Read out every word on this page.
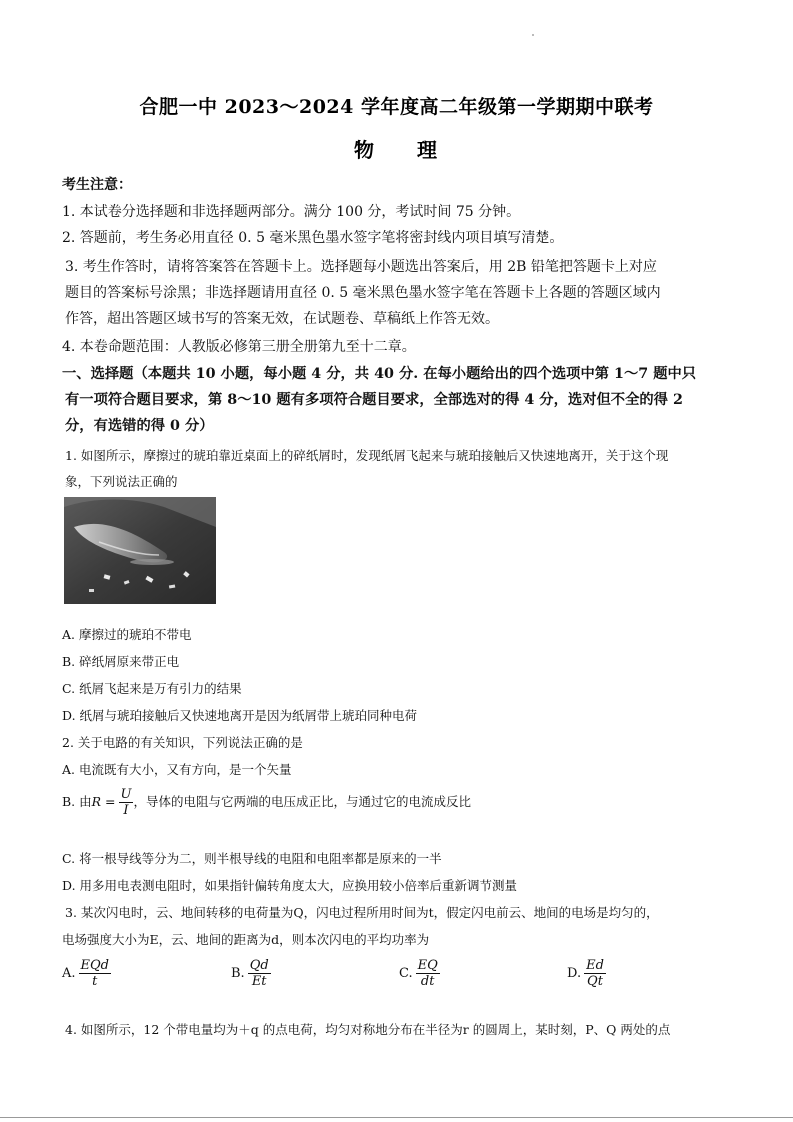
合肥一中 2023～2024 学年度高二年级第一学期期中联考
物 理
考生注意：
1. 本试卷分选择题和非选择题两部分。满分 100 分，考试时间 75 分钟。
2. 答题前，考生务必用直径 0. 5 毫米黑色墨水签字笔将密封线内项目填写清楚。
3. 考生作答时，请将答案答在答题卡上。选择题每小题选出答案后，用 2B 铅笔把答题卡上对应
题目的答案标号涂黑；非选择题请用直径 0. 5 毫米黑色墨水签字笔在答题卡上各题的答题区域内
作答，超出答题区域书写的答案无效，在试题卷、草稿纸上作答无效。
4. 本卷命题范围：人教版必修第三册全册第九至十二章。
一、选择题（本题共 10 小题，每小题 4 分，共 40 分. 在每小题给出的四个选项中第 1～7 题中只
有一项符合题目要求，第 8～10 题有多项符合题目要求，全部选对的得 4 分，选对但不全的得 2
分，有选错的得 0 分）
1. 如图所示，摩擦过的琥珀靠近桌面上的碎纸屑时，发现纸屑飞起来与琥珀接触后又快速地离开，关于这个现
象，下列说法正确的
A. 摩擦过的琥珀不带电
B. 碎纸屑原来带正电
C. 纸屑飞起来是万有引力的结果
D. 纸屑与琥珀接触后又快速地离开是因为纸屑带上琥珀同种电荷
2. 关于电路的有关知识，下列说法正确的是
A. 电流既有大小，又有方向，是一个矢量
B. 由$R = \frac{U}{I}$ ，导体的电阻与它两端的电压成正比，与通过它的电流成反比
C. 将一根导线等分为二，则半根导线的电阻和电阻率都是原来的一半
D. 用多用电表测电阻时，如果指针偏转角度太大，应换用较小倍率后重新调节测量
3. 某次闪电时，云、地间转移的电荷量为Q，闪电过程所用时间为t，假定闪电前云、地间的电场是均匀的，
电场强度大小为E，云、地间的距离为d，则本次闪电的平均功率为
A. $\frac{\text{EQd}}{t}$	B. $\frac{Qd}{Et}$	C. $\frac{EQ}{dt}$	D. $\frac{Ed}{Qt}$
4. 如图所示，12 个带电量均为＋q 的点电荷，均匀对称地分布在半径为r 的圆周上，某时刻，P、Q 两处的点
